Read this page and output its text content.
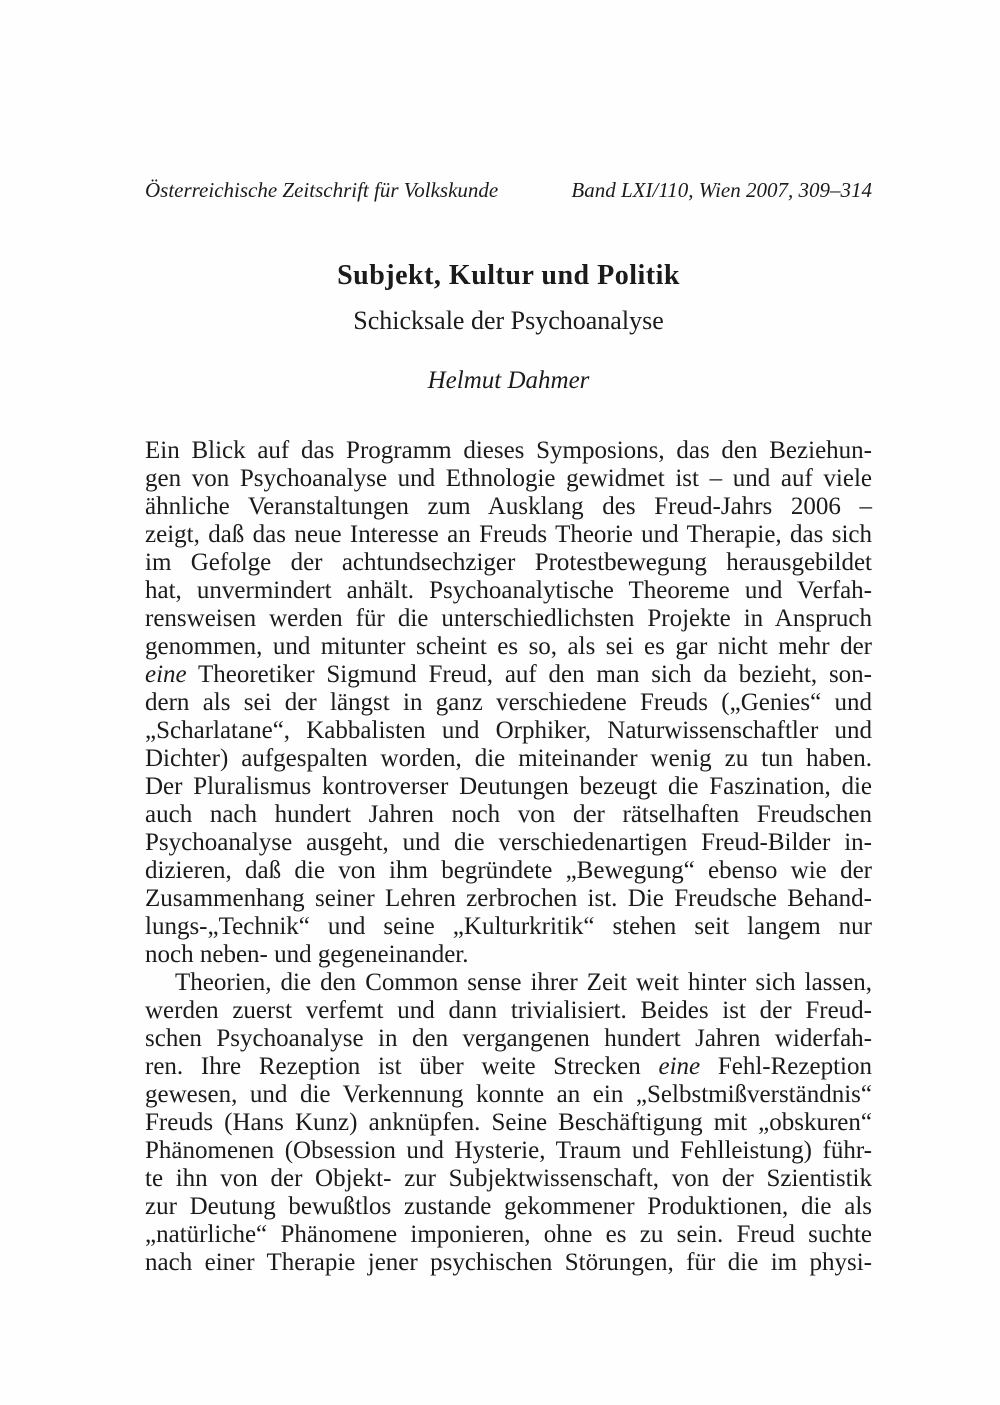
Österreichische Zeitschrift für Volkskunde	Band LXI/110, Wien 2007, 309–314
Subjekt, Kultur und Politik
Schicksale der Psychoanalyse
Helmut Dahmer
Ein Blick auf das Programm dieses Symposions, das den Beziehun-
gen von Psychoanalyse und Ethnologie gewidmet ist – und auf viele
ähnliche Veranstaltungen zum Ausklang des Freud-Jahrs 2006 –
zeigt, daß das neue Interesse an Freuds Theorie und Therapie, das sich
im Gefolge der achtundsechziger Protestbewegung herausgebildet
hat, unvermindert anhält. Psychoanalytische Theoreme und Verfah-
rensweisen werden für die unterschiedlichsten Projekte in Anspruch
genommen, und mitunter scheint es so, als sei es gar nicht mehr der
eine Theoretiker Sigmund Freud, auf den man sich da bezieht, son-
dern als sei der längst in ganz verschiedene Freuds („Genies“ und
„Scharlatane“, Kabbalisten und Orphiker, Naturwissenschaftler und
Dichter) aufgespalten worden, die miteinander wenig zu tun haben.
Der Pluralismus kontroverser Deutungen bezeugt die Faszination, die
auch nach hundert Jahren noch von der rätselhaften Freudschen
Psychoanalyse ausgeht, und die verschiedenartigen Freud-Bilder in-
dizieren, daß die von ihm begründete „Bewegung“ ebenso wie der
Zusammenhang seiner Lehren zerbrochen ist. Die Freudsche Behand-
lungs-„Technik“ und seine „Kulturkritik“ stehen seit langem nur
noch neben- und gegeneinander.
Theorien, die den Common sense ihrer Zeit weit hinter sich lassen,
werden zuerst verfemt und dann trivialisiert. Beides ist der Freud-
schen Psychoanalyse in den vergangenen hundert Jahren widerfah-
ren. Ihre Rezeption ist über weite Strecken eine Fehl-Rezeption
gewesen, und die Verkennung konnte an ein „Selbstmißverständnis“
Freuds (Hans Kunz) anknüpfen. Seine Beschäftigung mit „obskuren“
Phänomenen (Obsession und Hysterie, Traum und Fehlleistung) führ-
te ihn von der Objekt- zur Subjektwissenschaft, von der Szientistik
zur Deutung bewußtlos zustande gekommener Produktionen, die als
„natürliche“ Phänomene imponieren, ohne es zu sein. Freud suchte
nach einer Therapie jener psychischen Störungen, für die im physi-
